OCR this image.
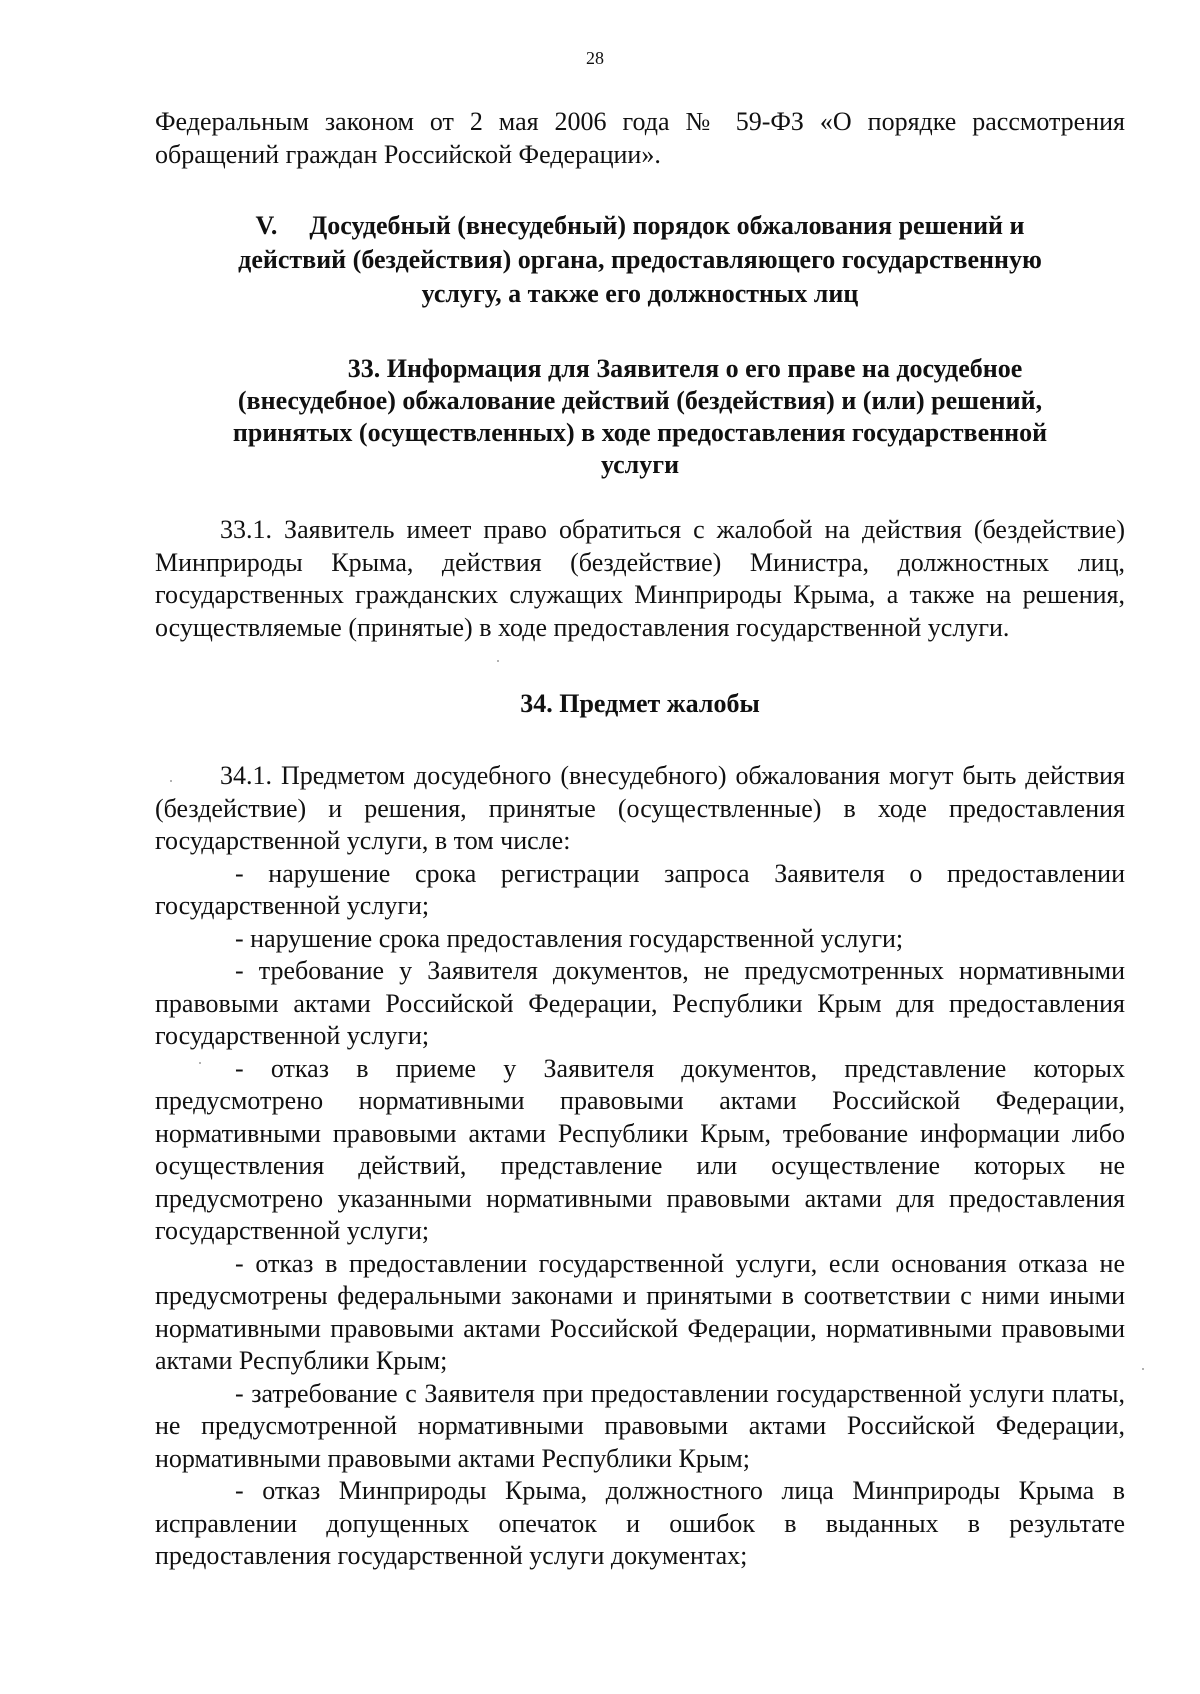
28

Федеральным законом от 2 мая 2006 года № 59-ФЗ «О порядке рассмотрения обращений граждан Российской Федерации».

V. Досудебный (внесудебный) порядок обжалования решений и
действий (бездействия) органа, предоставляющего государственную
услугу, а также его должностных лиц
33. Информация для Заявителя о его праве на досудебное
(внесудебное) обжалование действий (бездействия) и (или) решений,
принятых (осуществленных) в ходе предоставления государственной
услуги

33.1. Заявитель имеет право обратиться с жалобой на действия (бездействие) Минприроды Крыма, действия (бездействие) Министра, должностных лиц, государственных гражданских служащих Минприроды Крыма, а также на решения, осуществляемые (принятые) в ходе предоставления государственной услуги.

34. Предмет жалобы

34.1. Предметом досудебного (внесудебного) обжалования могут быть действия (бездействие) и решения, принятые (осуществленные) в ходе предоставления государственной услуги, в том числе:

- нарушение срока регистрации запроса Заявителя о предоставлении государственной услуги;

- нарушение срока предоставления государственной услуги;

- требование у Заявителя документов, не предусмотренных нормативными правовыми актами Российской Федерации, Республики Крым для предоставления государственной услуги;

- отказ в приеме у Заявителя документов, представление которых предусмотрено нормативными правовыми актами Российской Федерации, нормативными правовыми актами Республики Крым, требование информации либо осуществления действий, представление или осуществление которых не предусмотрено указанными нормативными правовыми актами для предоставления государственной услуги;

- отказ в предоставлении государственной услуги, если основания отказа не предусмотрены федеральными законами и принятыми в соответствии с ними иными нормативными правовыми актами Российской Федерации, нормативными правовыми актами Республики Крым;

- затребование с Заявителя при предоставлении государственной услуги платы, не предусмотренной нормативными правовыми актами Российской Федерации, нормативными правовыми актами Республики Крым;

- отказ Минприроды Крыма, должностного лица Минприроды Крыма в исправлении допущенных опечаток и ошибок в выданных в результате предоставления государственной услуги документах;
